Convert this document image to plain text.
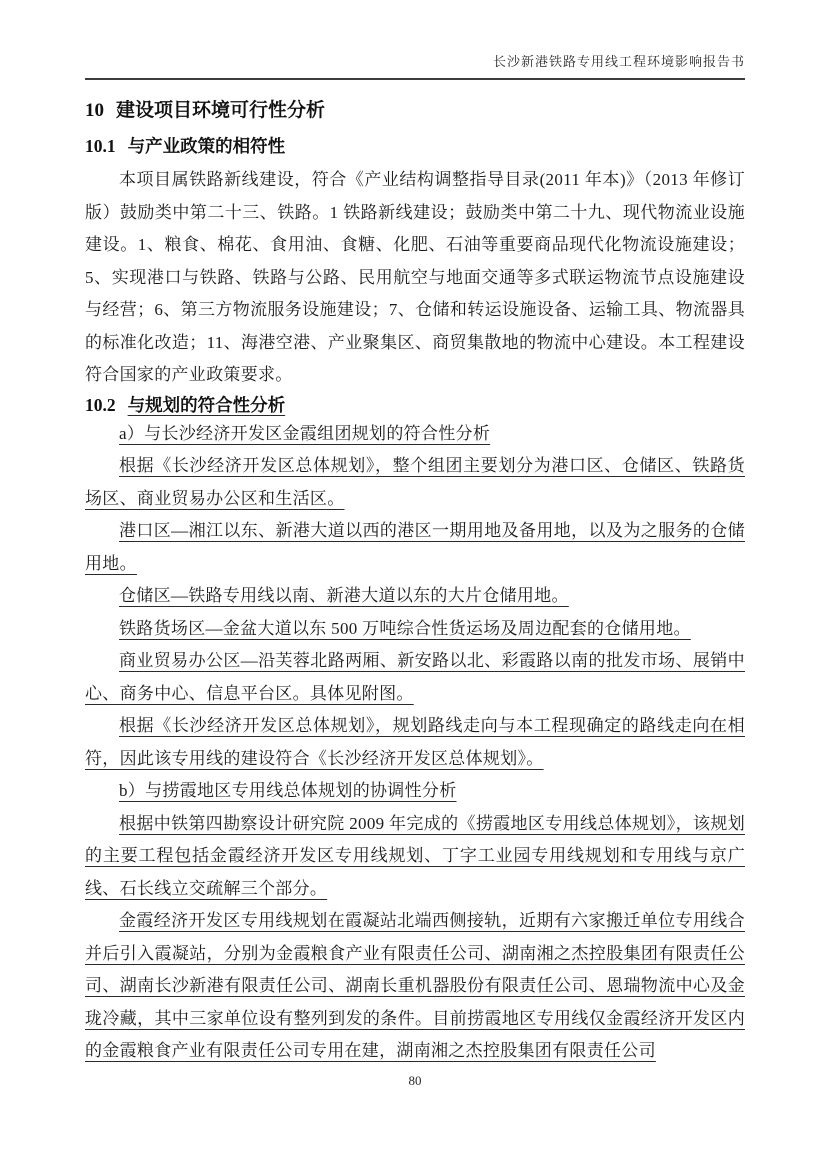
长沙新港铁路专用线工程环境影响报告书
10 建设项目环境可行性分析
10.1 与产业政策的相符性

本项目属铁路新线建设，符合《产业结构调整指导目录(2011 年本)》（2013 年修订版）鼓励类中第二十三、铁路。1 铁路新线建设；鼓励类中第二十九、现代物流业设施建设。1、粮食、棉花、食用油、食糖、化肥、石油等重要商品现代化物流设施建设；5、实现港口与铁路、铁路与公路、民用航空与地面交通等多式联运物流节点设施建设与经营；6、第三方物流服务设施建设；7、仓储和转运设施设备、运输工具、物流器具的标准化改造；11、海港空港、产业聚集区、商贸集散地的物流中心建设。本工程建设符合国家的产业政策要求。

10.2 与规划的符合性分析

a）与长沙经济开发区金霞组团规划的符合性分析

根据《长沙经济开发区总体规划》，整个组团主要划分为港口区、仓储区、铁路货场区、商业贸易办公区和生活区。

港口区—湘江以东、新港大道以西的港区一期用地及备用地，以及为之服务的仓储用地。

仓储区—铁路专用线以南、新港大道以东的大片仓储用地。

铁路货场区—金盆大道以东 500 万吨综合性货运场及周边配套的仓储用地。

商业贸易办公区—沿芙蓉北路两厢、新安路以北、彩霞路以南的批发市场、展销中心、商务中心、信息平台区。具体见附图。

根据《长沙经济开发区总体规划》，规划路线走向与本工程现确定的路线走向在相符，因此该专用线的建设符合《长沙经济开发区总体规划》。

b）与捞霞地区专用线总体规划的协调性分析

根据中铁第四勘察设计研究院 2009 年完成的《捞霞地区专用线总体规划》，该规划的主要工程包括金霞经济开发区专用线规划、丁字工业园专用线规划和专用线与京广线、石长线立交疏解三个部分。

金霞经济开发区专用线规划在霞凝站北端西侧接轨，近期有六家搬迁单位专用线合并后引入霞凝站，分别为金霞粮食产业有限责任公司、湖南湘之杰控股集团有限责任公司、湖南长沙新港有限责任公司、湖南长重机器股份有限责任公司、恩瑞物流中心及金珑冷藏，其中三家单位设有整列到发的条件。目前捞霞地区专用线仅金霞经济开发区内的金霞粮食产业有限责任公司专用在建，湖南湘之杰控股集团有限责任公司

80
